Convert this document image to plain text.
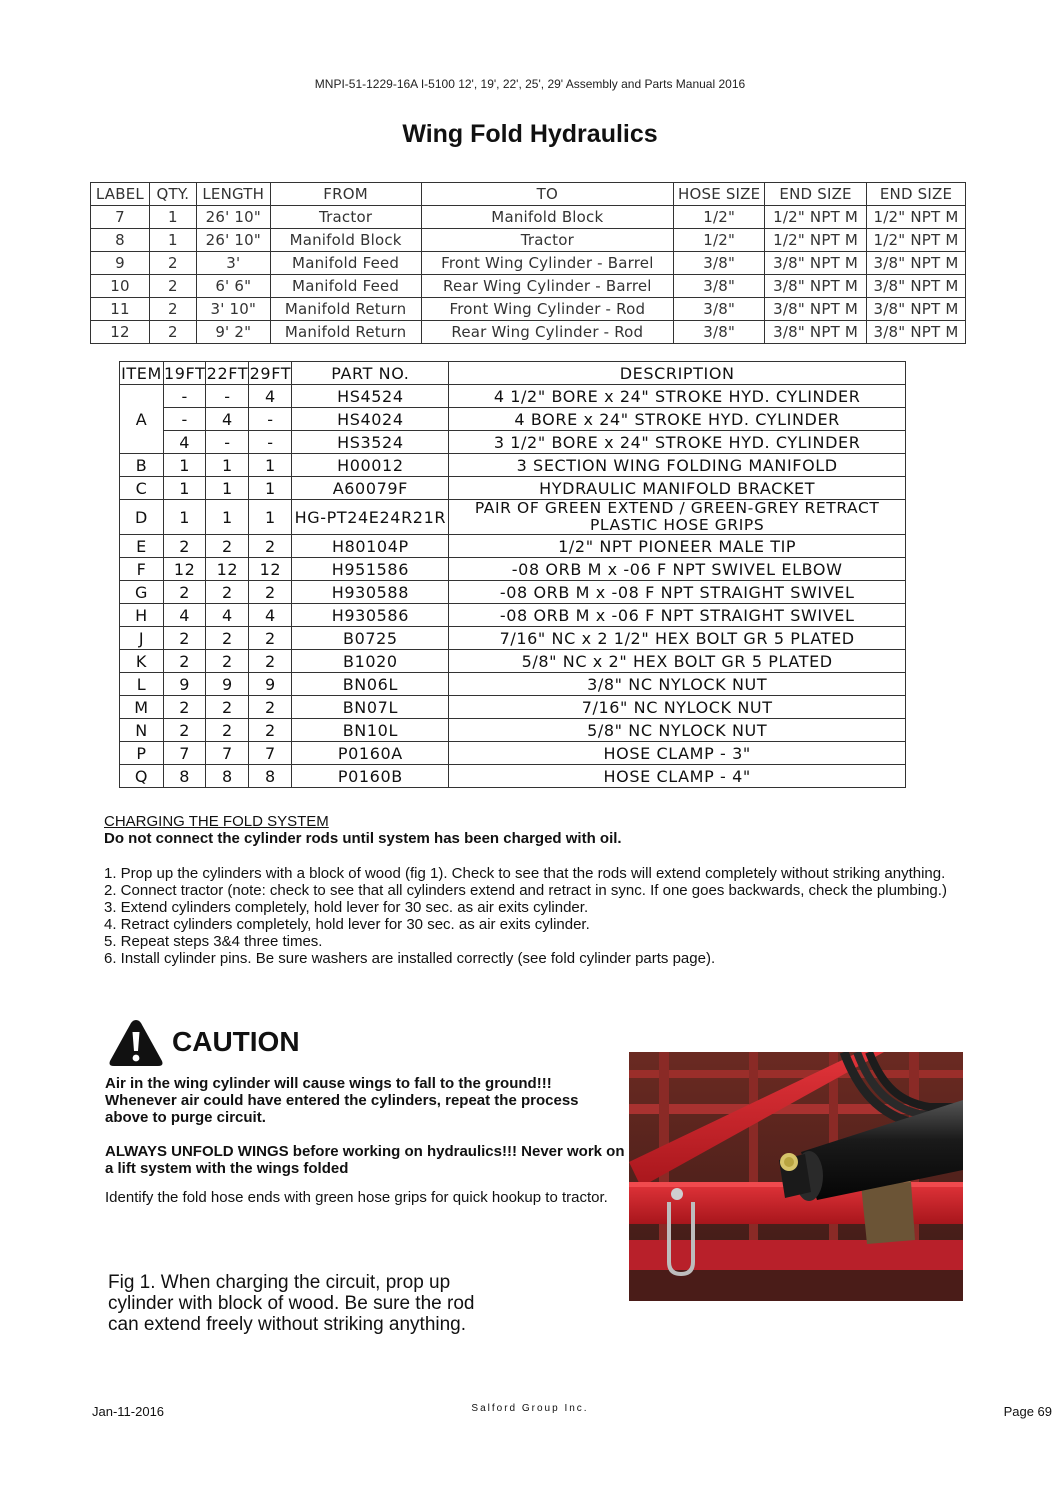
MNPI-51-1229-16A I-5100 12', 19', 22', 25', 29' Assembly and Parts Manual 2016
Wing Fold Hydraulics
LABEL	QTY.	LENGTH	FROM	TO	HOSE SIZE	END SIZE	END SIZE
7	1	26' 10"	Tractor	Manifold Block	1/2"	1/2" NPT M	1/2" NPT M
8	1	26' 10"	Manifold Block	Tractor	1/2"	1/2" NPT M	1/2" NPT M
9	2	3'	Manifold Feed	Front Wing Cylinder - Barrel	3/8"	3/8" NPT M	3/8" NPT M
10	2	6' 6"	Manifold Feed	Rear Wing Cylinder - Barrel	3/8"	3/8" NPT M	3/8" NPT M
11	2	3' 10"	Manifold Return	Front Wing Cylinder - Rod	3/8"	3/8" NPT M	3/8" NPT M
12	2	9' 2"	Manifold Return	Rear Wing Cylinder - Rod	3/8"	3/8" NPT M	3/8" NPT M
ITEM	19FT	22FT	29FT	PART NO.	DESCRIPTION
A	-	-	4	HS4524	4 1/2" BORE x 24" STROKE HYD. CYLINDER
	-	4	-	HS4024	4 BORE x 24" STROKE HYD. CYLINDER
	4	-	-	HS3524	3 1/2" BORE x 24" STROKE HYD. CYLINDER
B	1	1	1	H00012	3 SECTION WING FOLDING MANIFOLD
C	1	1	1	A60079F	HYDRAULIC MANIFOLD BRACKET
D	1	1	1	HG-PT24E24R21R	PAIR OF GREEN EXTEND / GREEN-GREY RETRACT PLASTIC HOSE GRIPS
E	2	2	2	H80104P	1/2" NPT PIONEER MALE TIP
F	12	12	12	H951586	-08 ORB M x -06 F NPT SWIVEL ELBOW
G	2	2	2	H930588	-08 ORB M x -08 F NPT STRAIGHT SWIVEL
H	4	4	4	H930586	-08 ORB M x -06 F NPT STRAIGHT SWIVEL
J	2	2	2	B0725	7/16" NC x 2 1/2" HEX BOLT GR 5 PLATED
K	2	2	2	B1020	5/8" NC x 2" HEX BOLT GR 5 PLATED
L	9	9	9	BN06L	3/8" NC NYLOCK NUT
M	2	2	2	BN07L	7/16" NC NYLOCK NUT
N	2	2	2	BN10L	5/8" NC NYLOCK NUT
P	7	7	7	P0160A	HOSE CLAMP - 3"
Q	8	8	8	P0160B	HOSE CLAMP - 4"
CHARGING THE FOLD SYSTEM
Do not connect the cylinder rods until system has been charged with oil.
1. Prop up the cylinders with a block of wood (fig 1). Check to see that the rods will extend completely without striking anything.
2. Connect tractor (note: check to see that all cylinders extend and retract in sync. If one goes backwards, check the plumbing.)
3. Extend cylinders completely, hold lever for 30 sec. as air exits cylinder.
4. Retract cylinders completely, hold lever for 30 sec. as air exits cylinder.
5. Repeat steps 3&4 three times.
6. Install cylinder pins. Be sure washers are installed correctly (see fold cylinder parts page).
CAUTION
Air in the wing cylinder will cause wings to fall to the ground!!! Whenever air could have entered the cylinders, repeat the process above to purge circuit.
ALWAYS UNFOLD WINGS before working on hydraulics!!! Never work on a lift system with the wings folded
Identify the fold hose ends with green hose grips for quick hookup to tractor.
Fig 1. When charging the circuit, prop up cylinder with block of wood. Be sure the rod can extend freely without striking anything.
Jan-11-2016	Salford Group Inc.	Page 69
